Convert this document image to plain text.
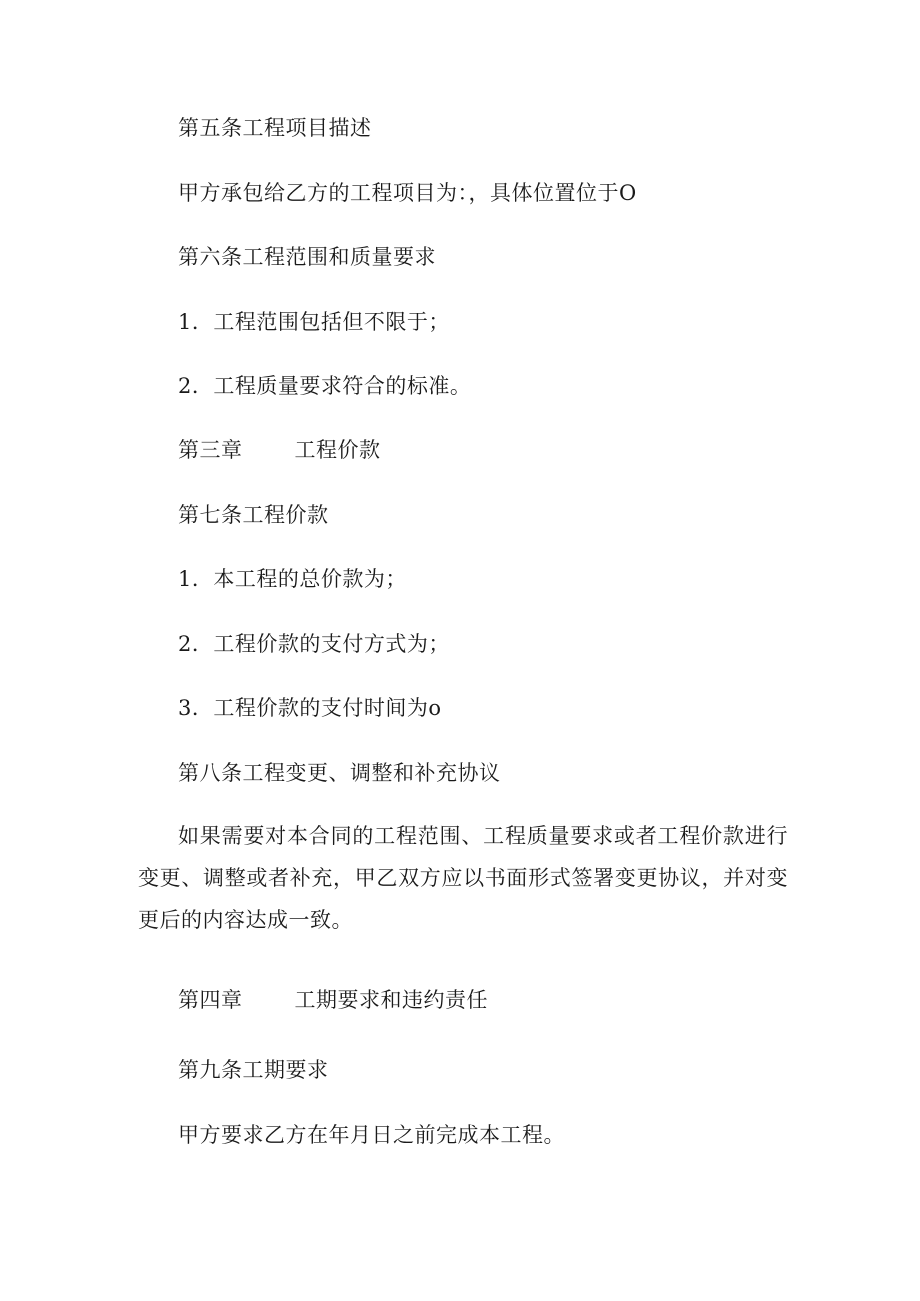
第五条工程项目描述
甲方承包给乙方的工程项目为：，具体位置位于O
第六条工程范围和质量要求
1．工程范围包括但不限于；
2．工程质量要求符合的标准。
第三章 工程价款
第七条工程价款
1．本工程的总价款为；
2．工程价款的支付方式为；
3．工程价款的支付时间为o
第八条工程变更、调整和补充协议
如果需要对本合同的工程范围、工程质量要求或者工程价款进行变更、调整或者补充，甲乙双方应以书面形式签署变更协议，并对变更后的内容达成一致。
第四章 工期要求和违约责任
第九条工期要求
甲方要求乙方在年月日之前完成本工程。
